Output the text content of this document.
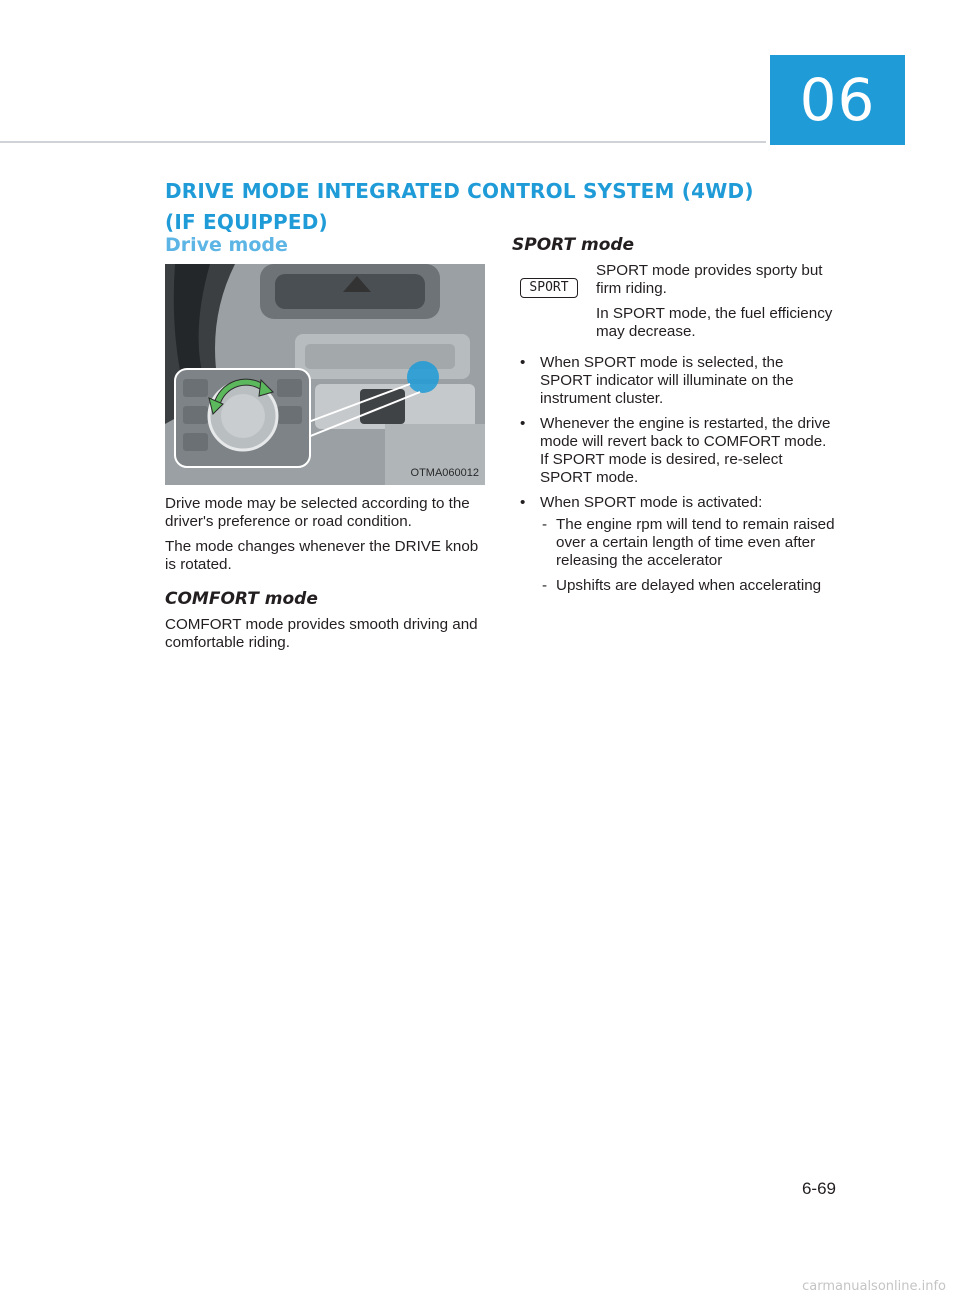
06
DRIVE MODE INTEGRATED CONTROL SYSTEM (4WD)
(IF EQUIPPED)
Drive mode
OTMA060012

Drive mode may be selected according to the driver's preference or road condition.

The mode changes whenever the DRIVE knob is rotated.

COMFORT mode

COMFORT mode provides smooth driving and comfortable riding.

SPORT mode
SPORT

SPORT mode provides sporty but firm riding.

In SPORT mode, the fuel efficiency may decrease.

• When SPORT mode is selected, the SPORT indicator will illuminate on the instrument cluster.
• Whenever the engine is restarted, the drive mode will revert back to COMFORT mode. If SPORT mode is desired, re-select SPORT mode.
• When SPORT mode is activated:
- The engine rpm will tend to remain raised over a certain length of time even after releasing the accelerator
- Upshifts are delayed when accelerating
6-69
carmanualsonline.info
